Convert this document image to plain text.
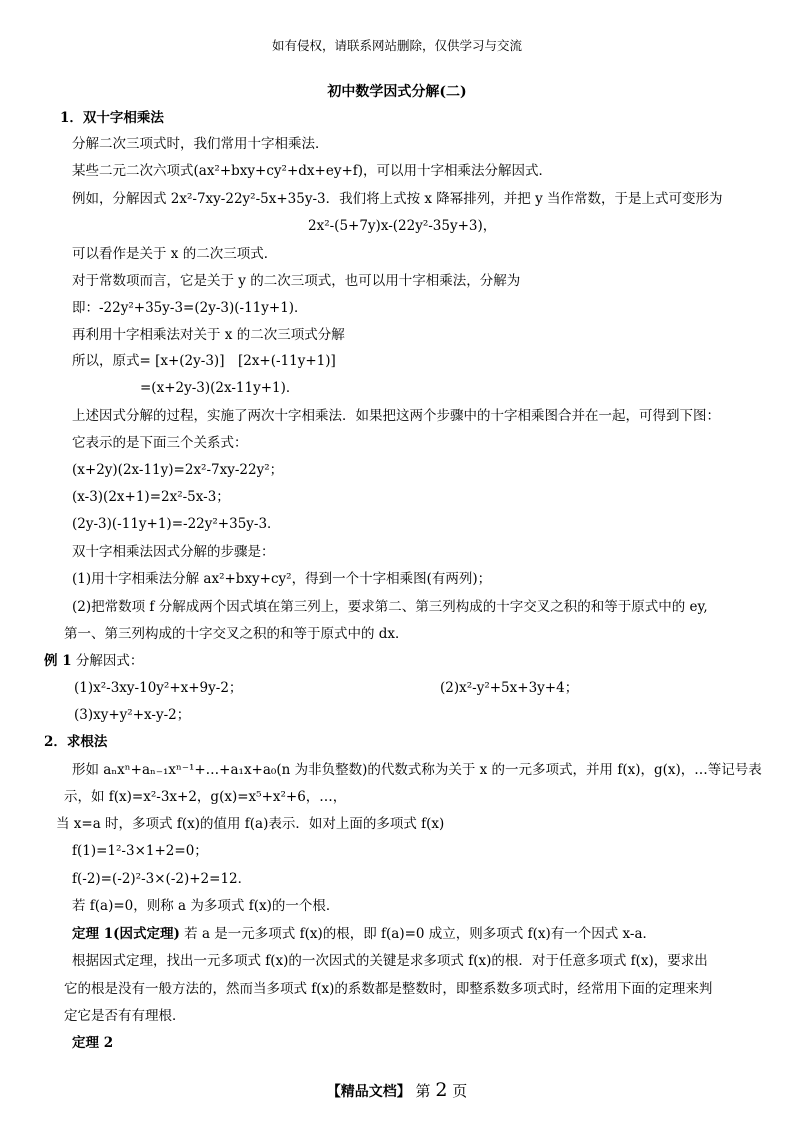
如有侵权，请联系网站删除，仅供学习与交流
初中数学因式分解(二)
1．双十字相乘法
分解二次三项式时，我们常用十字相乘法．
某些二元二次六项式(ax²+bxy+cy²+dx+ey+f)，可以用十字相乘法分解因式．
例如，分解因式 2x²-7xy-22y²-5x+35y-3．我们将上式按 x 降幂排列，并把 y 当作常数，于是上式可变形为
2x²-(5+7y)x-(22y²-35y+3)，
可以看作是关于 x 的二次三项式．
对于常数项而言，它是关于 y 的二次三项式，也可以用十字相乘法，分解为
即：-22y²+35y-3=(2y-3)(-11y+1)．
再利用十字相乘法对关于 x 的二次三项式分解
所以，原式= [x+(2y-3)]　[2x+(-11y+1)]
=(x+2y-3)(2x-11y+1)．
上述因式分解的过程，实施了两次十字相乘法．如果把这两个步骤中的十字相乘图合并在一起，可得到下图：
它表示的是下面三个关系式：
(x+2y)(2x-11y)=2x²-7xy-22y²；
(x-3)(2x+1)=2x²-5x-3；
(2y-3)(-11y+1)=-22y²+35y-3．
双十字相乘法因式分解的步骤是：
(1)用十字相乘法分解 ax²+bxy+cy²，得到一个十字相乘图(有两列)；
(2)把常数项 f 分解成两个因式填在第三列上，要求第二、第三列构成的十字交叉之积的和等于原式中的 ey,
第一、第三列构成的十字交叉之积的和等于原式中的 dx．
例 1 分解因式：
(1)x²-3xy-10y²+x+9y-2；	(2)x²-y²+5x+3y+4；
(3)xy+y²+x-y-2；
2．求根法
形如 aₙxⁿ+aₙ₋₁xⁿ⁻¹+…+a₁x+a₀(n 为非负整数)的代数式称为关于 x 的一元多项式，并用 f(x)，g(x)，…等记号表
示，如 f(x)=x²-3x+2，g(x)=x⁵+x²+6，…，
当 x=a 时，多项式 f(x)的值用 f(a)表示．如对上面的多项式 f(x)
f(1)=1²-3×1+2=0；
f(-2)=(-2)²-3×(-2)+2=12．
若 f(a)=0，则称 a 为多项式 f(x)的一个根．
定理 1(因式定理) 若 a 是一元多项式 f(x)的根，即 f(a)=0 成立，则多项式 f(x)有一个因式 x-a．
根据因式定理，找出一元多项式 f(x)的一次因式的关键是求多项式 f(x)的根．对于任意多项式 f(x)，要求出
它的根是没有一般方法的，然而当多项式 f(x)的系数都是整数时，即整系数多项式时，经常用下面的定理来判
定它是否有有理根．
定理 2
【精品文档】 第 2 页
